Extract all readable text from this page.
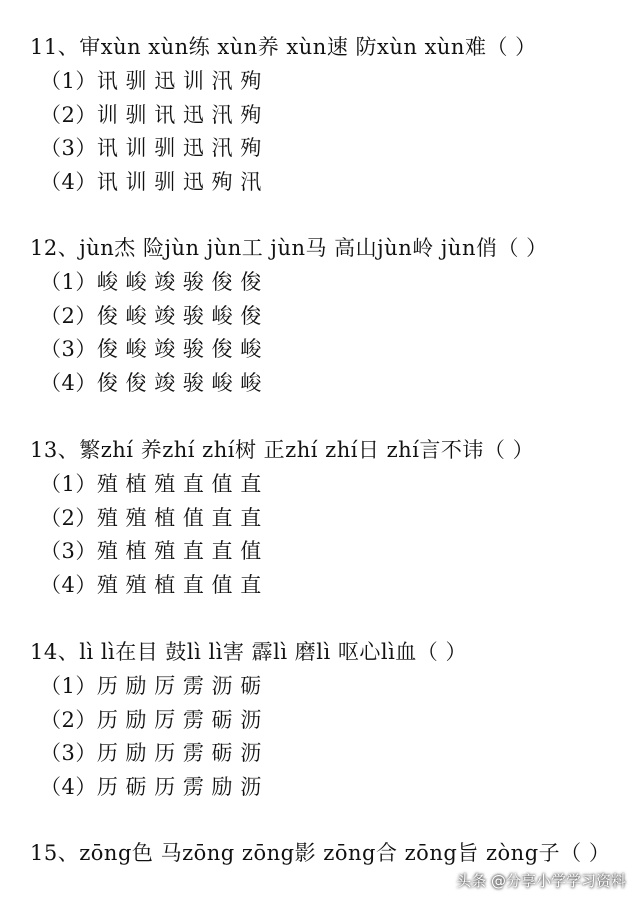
11、审xùn xùn练 xùn养 xùn速 防xùn xùn难（ ）
（1）讯 驯 迅 训 汛 殉
（2）训 驯 讯 迅 汛 殉
（3）讯 训 驯 迅 汛 殉
（4）讯 训 驯 迅 殉 汛
12、jùn杰 险jùn jùn工 jùn马 高山jùn岭 jùn俏（ ）
（1）峻 峻 竣 骏 俊 俊
（2）俊 峻 竣 骏 峻 俊
（3）俊 峻 竣 骏 俊 峻
（4）俊 俊 竣 骏 峻 峻
13、繁zhí 养zhí zhí树 正zhí zhí日 zhí言不讳（ ）
（1）殖 植 殖 直 值 直
（2）殖 殖 植 值 直 直
（3）殖 植 殖 直 直 值
（4）殖 殖 植 直 值 直
14、lì lì在目 鼓lì lì害 霹lì 磨lì 呕心lì血（ ）
（1）历 励 厉 雳 沥 砺
（2）历 励 厉 雳 砺 沥
（3）历 励 历 雳 砺 沥
（4）历 砺 历 雳 励 沥
15、zōng色 马zōng zōng影 zōng合 zōng旨 zòng子（ ）
头条 @分享小学学习资料
